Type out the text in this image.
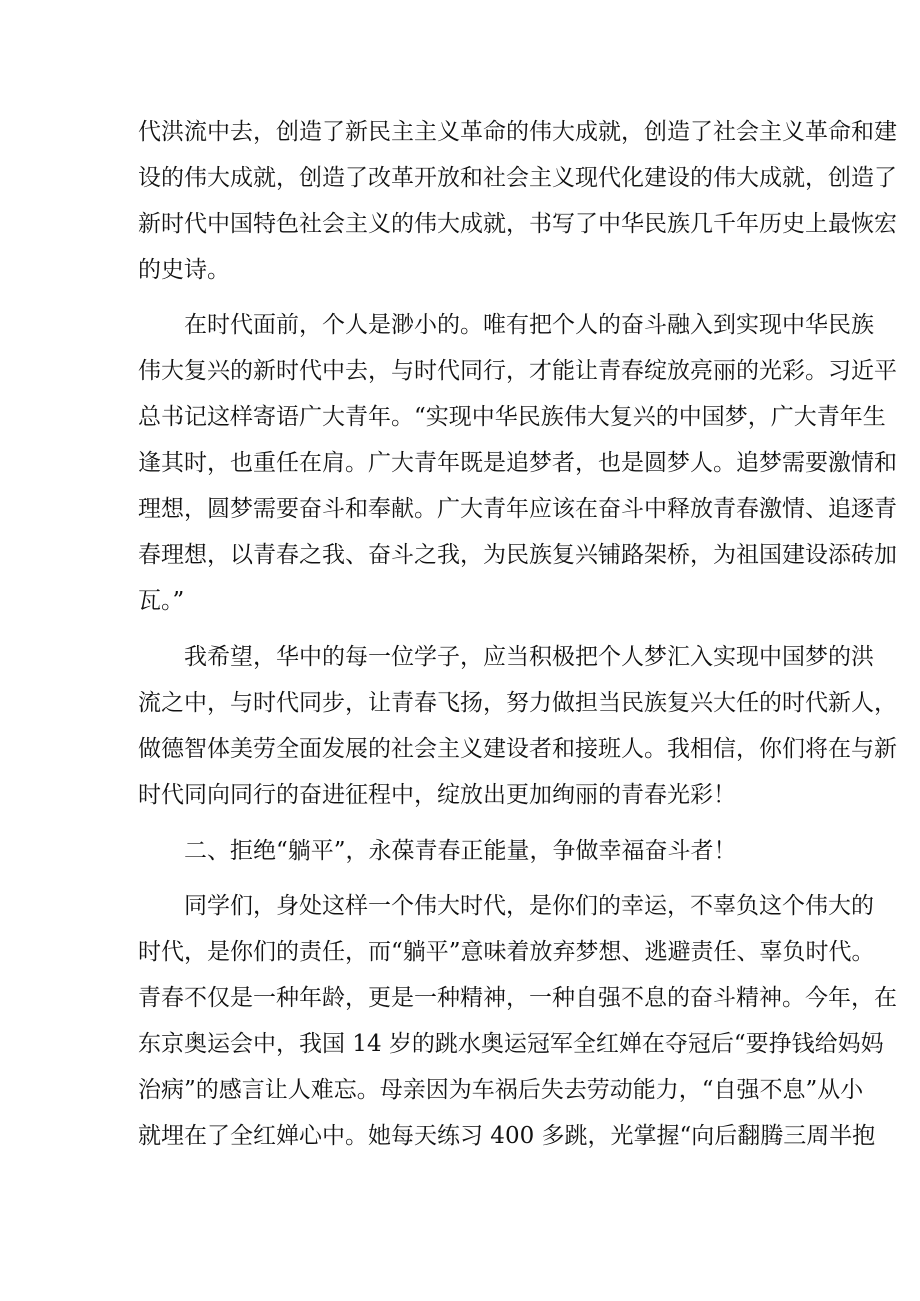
代洪流中去，创造了新民主主义革命的伟大成就，创造了社会主义革命和建
设的伟大成就，创造了改革开放和社会主义现代化建设的伟大成就，创造了
新时代中国特色社会主义的伟大成就，书写了中华民族几千年历史上最恢宏
的史诗。
在时代面前，个人是渺小的。唯有把个人的奋斗融入到实现中华民族
伟大复兴的新时代中去，与时代同行，才能让青春绽放亮丽的光彩。习近平
总书记这样寄语广大青年。“实现中华民族伟大复兴的中国梦，广大青年生
逢其时，也重任在肩。广大青年既是追梦者，也是圆梦人。追梦需要激情和
理想，圆梦需要奋斗和奉献。广大青年应该在奋斗中释放青春激情、追逐青
春理想，以青春之我、奋斗之我，为民族复兴铺路架桥，为祖国建设添砖加
瓦。”
我希望，华中的每一位学子，应当积极把个人梦汇入实现中国梦的洪
流之中，与时代同步，让青春飞扬，努力做担当民族复兴大任的时代新人，
做德智体美劳全面发展的社会主义建设者和接班人。我相信，你们将在与新
时代同向同行的奋进征程中，绽放出更加绚丽的青春光彩！
二、拒绝“躺平”，永葆青春正能量，争做幸福奋斗者！
同学们，身处这样一个伟大时代，是你们的幸运，不辜负这个伟大的
时代，是你们的责任，而“躺平”意味着放弃梦想、逃避责任、辜负时代。
青春不仅是一种年龄，更是一种精神，一种自强不息的奋斗精神。今年，在
东京奥运会中，我国 14 岁的跳水奥运冠军全红婵在夺冠后“要挣钱给妈妈
治病”的感言让人难忘。母亲因为车祸后失去劳动能力，“自强不息”从小
就埋在了全红婵心中。她每天练习 400 多跳，光掌握“向后翻腾三周半抱
